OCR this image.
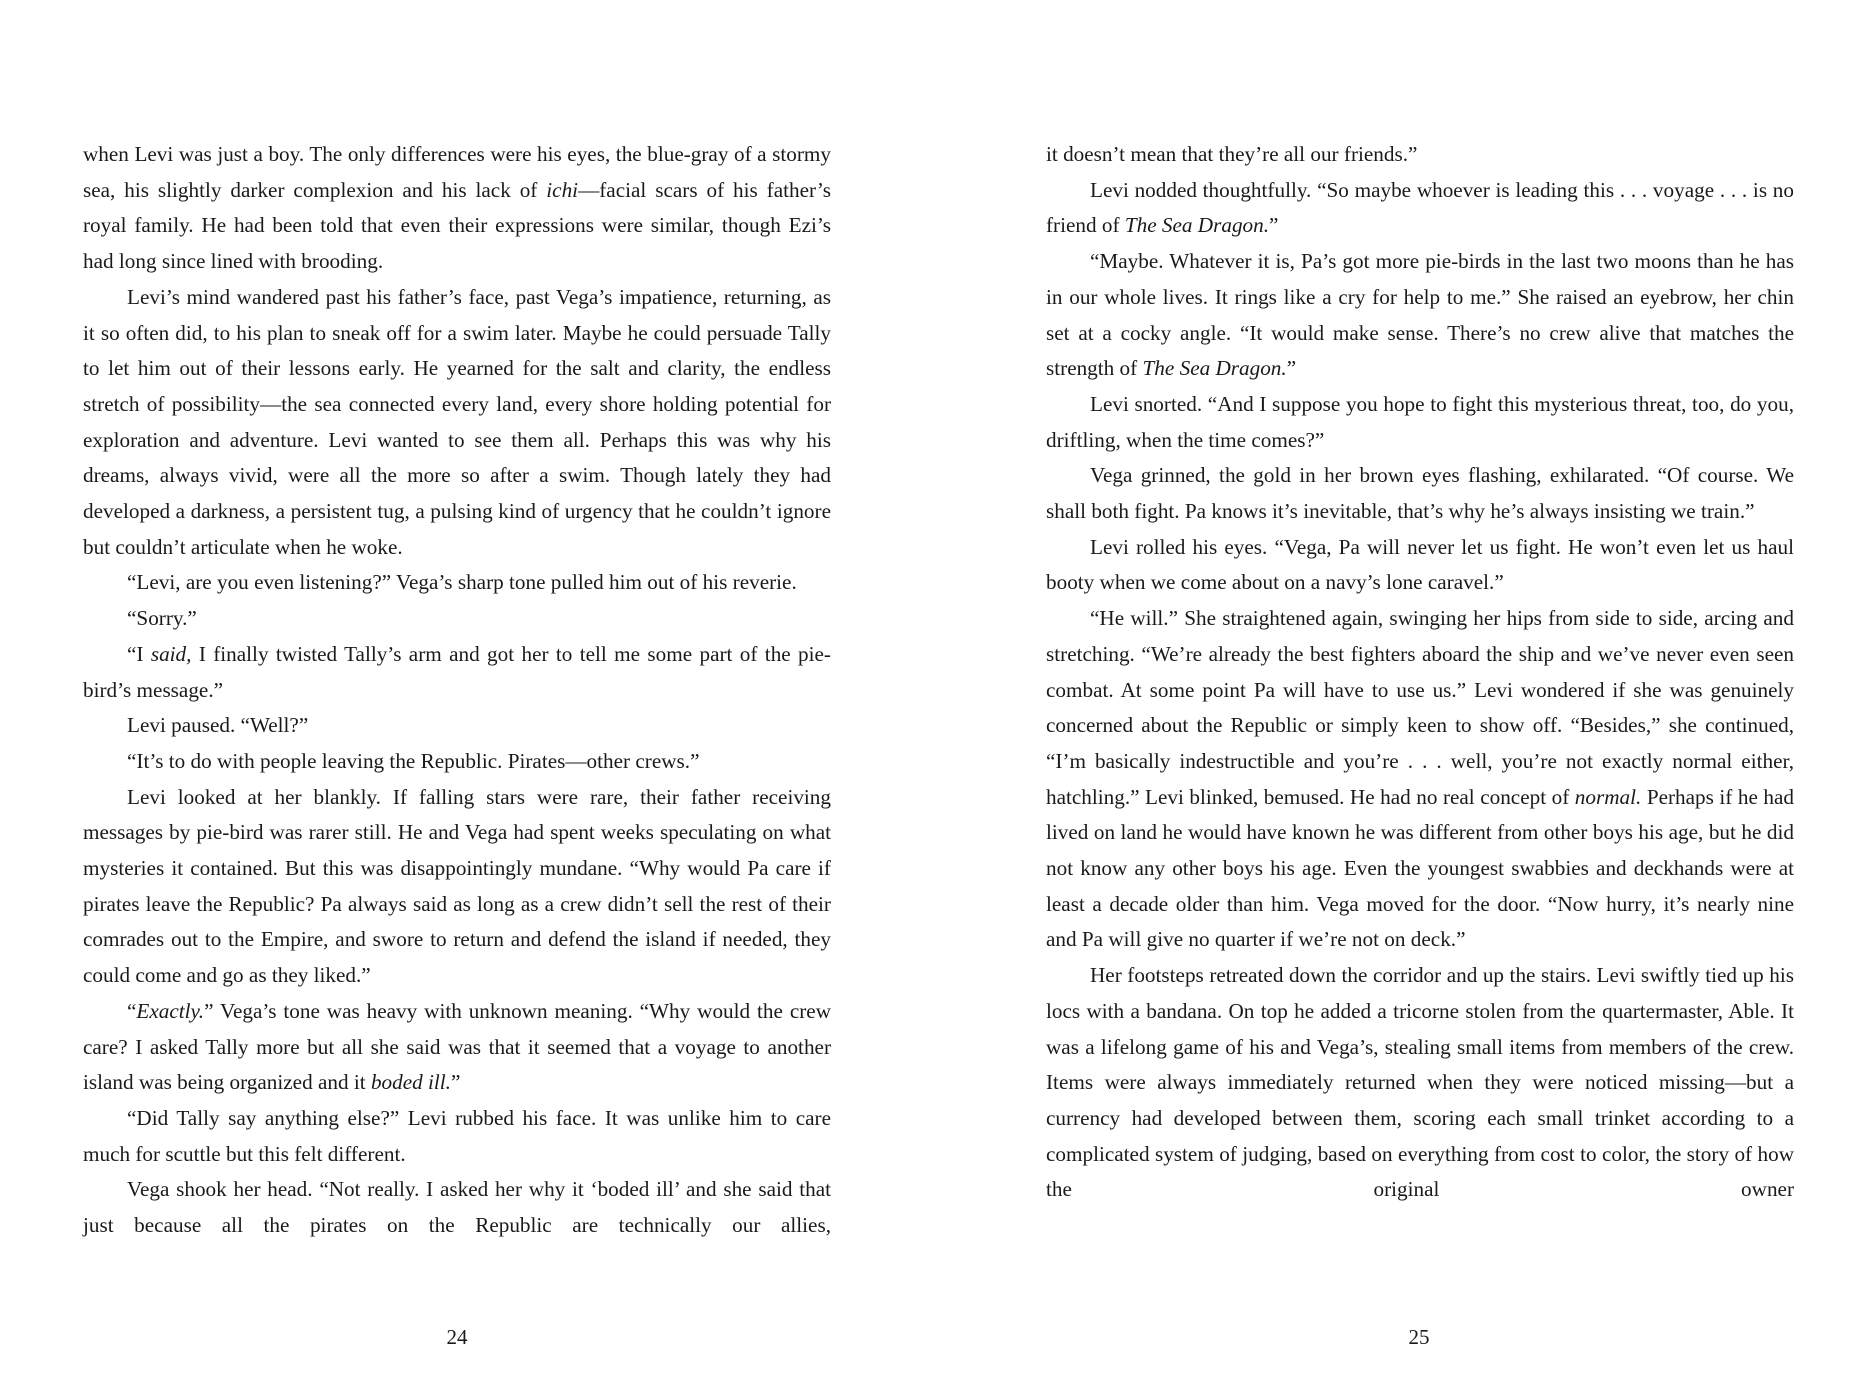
when Levi was just a boy. The only differences were his eyes, the blue-gray of a stormy sea, his slightly darker complexion and his lack of ichi—facial scars of his father’s royal family. He had been told that even their expressions were similar, though Ezi’s had long since lined with brooding.

Levi’s mind wandered past his father’s face, past Vega’s impatience, returning, as it so often did, to his plan to sneak off for a swim later. Maybe he could persuade Tally to let him out of their lessons early. He yearned for the salt and clarity, the endless stretch of possibility—the sea connected every land, every shore holding potential for exploration and adventure. Levi wanted to see them all. Perhaps this was why his dreams, always vivid, were all the more so after a swim. Though lately they had developed a darkness, a persistent tug, a pulsing kind of urgency that he couldn’t ignore but couldn’t articulate when he woke.

“Levi, are you even listening?” Vega’s sharp tone pulled him out of his reverie.

“Sorry.”

“I said, I finally twisted Tally’s arm and got her to tell me some part of the pie-bird’s message.”

Levi paused. “Well?”

“It’s to do with people leaving the Republic. Pirates—other crews.”

Levi looked at her blankly. If falling stars were rare, their father receiving messages by pie-bird was rarer still. He and Vega had spent weeks speculating on what mysteries it contained. But this was disappointingly mundane. “Why would Pa care if pirates leave the Republic? Pa always said as long as a crew didn’t sell the rest of their comrades out to the Empire, and swore to return and defend the island if needed, they could come and go as they liked.”

“Exactly.” Vega’s tone was heavy with unknown meaning. “Why would the crew care? I asked Tally more but all she said was that it seemed that a voyage to another island was being organized and it boded ill.”

“Did Tally say anything else?” Levi rubbed his face. It was unlike him to care much for scuttle but this felt different.

Vega shook her head. “Not really. I asked her why it ‘boded ill’ and she said that just because all the pirates on the Republic are technically our allies,

24

it doesn’t mean that they’re all our friends.”

Levi nodded thoughtfully. “So maybe whoever is leading this . . . voyage . . . is no friend of The Sea Dragon.”

“Maybe. Whatever it is, Pa’s got more pie-birds in the last two moons than he has in our whole lives. It rings like a cry for help to me.” She raised an eyebrow, her chin set at a cocky angle. “It would make sense. There’s no crew alive that matches the strength of The Sea Dragon.”

Levi snorted. “And I suppose you hope to fight this mysterious threat, too, do you, driftling, when the time comes?”

Vega grinned, the gold in her brown eyes flashing, exhilarated. “Of course. We shall both fight. Pa knows it’s inevitable, that’s why he’s always insisting we train.”

Levi rolled his eyes. “Vega, Pa will never let us fight. He won’t even let us haul booty when we come about on a navy’s lone caravel.”

“He will.” She straightened again, swinging her hips from side to side, arcing and stretching. “We’re already the best fighters aboard the ship and we’ve never even seen combat. At some point Pa will have to use us.” Levi wondered if she was genuinely concerned about the Republic or simply keen to show off. “Besides,” she continued, “I’m basically indestructible and you’re . . . well, you’re not exactly normal either, hatchling.” Levi blinked, bemused. He had no real concept of normal. Perhaps if he had lived on land he would have known he was different from other boys his age, but he did not know any other boys his age. Even the youngest swabbies and deckhands were at least a decade older than him. Vega moved for the door. “Now hurry, it’s nearly nine and Pa will give no quarter if we’re not on deck.”

Her footsteps retreated down the corridor and up the stairs. Levi swiftly tied up his locs with a bandana. On top he added a tricorne stolen from the quartermaster, Able. It was a lifelong game of his and Vega’s, stealing small items from members of the crew. Items were always immediately returned when they were noticed missing—but a currency had developed between them, scoring each small trinket according to a complicated system of judging, based on everything from cost to color, the story of how the original owner

25
